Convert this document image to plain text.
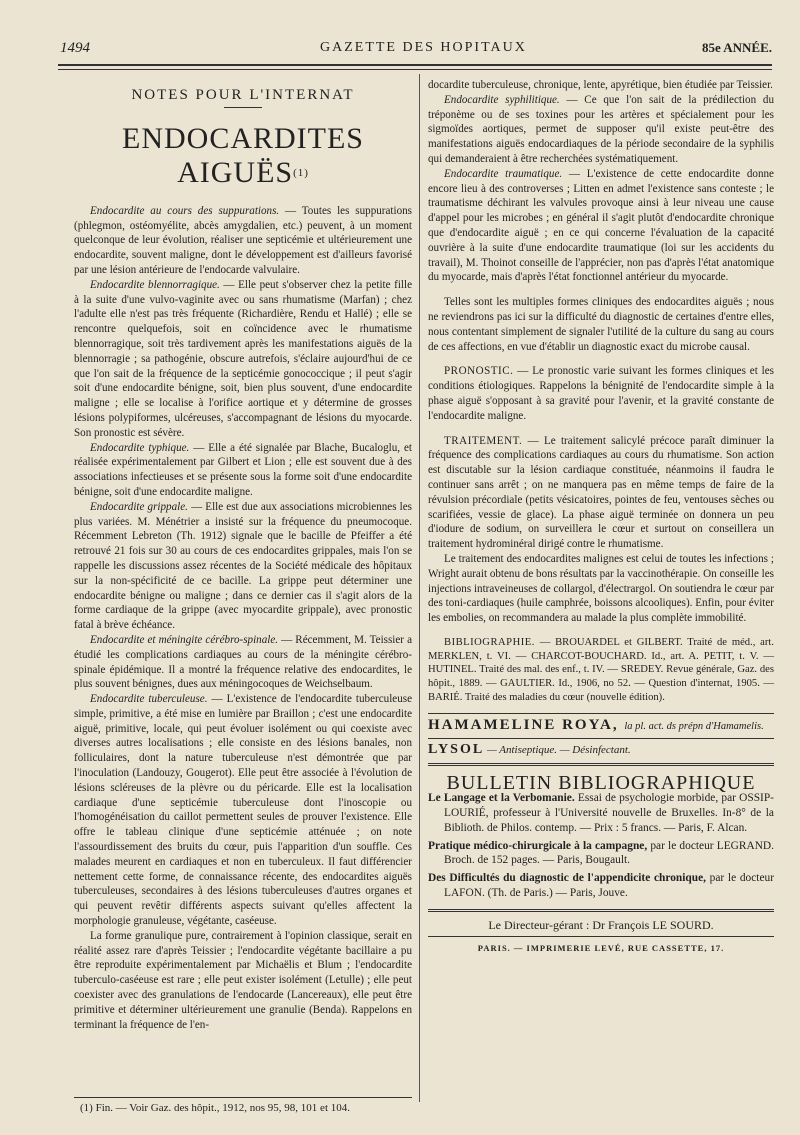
1494	GAZETTE DES HOPITAUX	85e ANNÉE.
NOTES POUR L'INTERNAT
ENDOCARDITES AIGUËS$^{(1)}$

Endocardite au cours des suppurations. — Toutes les suppurations (phlegmon, ostéomyélite, abcès amygdalien, etc.) peuvent, à un moment quelconque de leur évolution, réaliser une septicémie et ultérieurement une endocardite, souvent maligne, dont le développement est d'ailleurs favorisé par une lésion antérieure de l'endocarde valvulaire.

Endocardite blennorragique. — Elle peut s'observer chez la petite fille à la suite d'une vulvo-vaginite avec ou sans rhumatisme (Marfan) ; chez l'adulte elle n'est pas très fréquente (Richardière, Rendu et Hallé) ; elle se rencontre quelquefois, soit en coïncidence avec le rhumatisme blennorragique, soit très tardivement après les manifestations aiguës de la blennorragie ; sa pathogénie, obscure autrefois, s'éclaire aujourd'hui de ce que l'on sait de la fréquence de la septicémie gonococcique ; il peut s'agir soit d'une endocardite bénigne, soit, bien plus souvent, d'une endocardite maligne ; elle se localise à l'orifice aortique et y détermine de grosses lésions polypiformes, ulcéreuses, s'accompagnant de lésions du myocarde. Son pronostic est sévère.

Endocardite typhique. — Elle a été signalée par Blache, Bucaloglu, et réalisée expérimentalement par Gilbert et Lion ; elle est souvent due à des associations infectieuses et se présente sous la forme soit d'une endocardite bénigne, soit d'une endocardite maligne.

Endocardite grippale. — Elle est due aux associations microbiennes les plus variées. M. Ménétrier a insisté sur la fréquence du pneumocoque. Récemment Lebreton (Th. 1912) signale que le bacille de Pfeiffer a été retrouvé 21 fois sur 30 au cours de ces endocardites grippales, mais l'on se rappelle les discussions assez récentes de la Société médicale des hôpitaux sur la non-spécificité de ce bacille. La grippe peut déterminer une endocardite bénigne ou maligne ; dans ce dernier cas il s'agit alors de la forme cardiaque de la grippe (avec myocardite grippale), avec pronostic fatal à brève échéance.

Endocardite et méningite cérébro-spinale. — Récemment, M. Teissier a étudié les complications cardiaques au cours de la méningite cérébro-spinale épidémique. Il a montré la fréquence relative des endocardites, le plus souvent bénignes, dues aux méningocoques de Weichselbaum.

Endocardite tuberculeuse. — L'existence de l'endocardite tuberculeuse simple, primitive, a été mise en lumière par Braillon ; c'est une endocardite aiguë, primitive, locale, qui peut évoluer isolément ou qui coexiste avec diverses autres localisations ; elle consiste en des lésions banales, non folliculaires, dont la nature tuberculeuse n'est démontrée que par l'inoculation (Landouzy, Gougerot). Elle peut être associée à l'évolution de lésions scléreuses de la plèvre ou du péricarde. Elle est la localisation cardiaque d'une septicémie tuberculeuse dont l'inoscopie ou l'homogénéisation du caillot permettent seules de prouver l'existence. Elle offre le tableau clinique d'une septicémie atténuée ; on note l'assourdissement des bruits du cœur, puis l'apparition d'un souffle. Ces malades meurent en cardiaques et non en tuberculeux. Il faut différencier nettement cette forme, de connaissance récente, des endocardites aiguës tuberculeuses, secondaires à des lésions tuberculeuses d'autres organes et qui peuvent revêtir différents aspects suivant qu'elles affectent la morphologie granuleuse, végétante, caséeuse.

La forme granulique pure, contrairement à l'opinion classique, serait en réalité assez rare d'après Teissier ; l'endocardite végétante bacillaire a pu être reproduite expérimentalement par Michaëlis et Blum ; l'endocardite tuberculo-caséeuse est rare ; elle peut exister isolément (Letulle) ; elle peut coexister avec des granulations de l'endocarde (Lancereaux), elle peut être primitive et déterminer ultérieurement une granulie (Benda). Rappelons en terminant la fréquence de l'en-

(1) Fin. — Voir Gaz. des hôpit., 1912, nos 95, 98, 101 et 104.

docardite tuberculeuse, chronique, lente, apyrétique, bien étudiée par Teissier.

Endocardite syphilitique. — Ce que l'on sait de la prédilection du tréponème ou de ses toxines pour les artères et spécialement pour les sigmoïdes aortiques, permet de supposer qu'il existe peut-être des manifestations aiguës endocardiaques de la période secondaire de la syphilis qui demanderaient à être recherchées systématiquement.

Endocardite traumatique. — L'existence de cette endocardite donne encore lieu à des controverses ; Litten en admet l'existence sans conteste ; le traumatisme déchirant les valvules provoque ainsi à leur niveau une cause d'appel pour les microbes ; en général il s'agit plutôt d'endocardite chronique que d'endocardite aiguë ; en ce qui concerne l'évaluation de la capacité ouvrière à la suite d'une endocardite traumatique (loi sur les accidents du travail), M. Thoinot conseille de l'apprécier, non pas d'après l'état anatomique du myocarde, mais d'après l'état fonctionnel antérieur du myocarde.

Telles sont les multiples formes cliniques des endocardites aiguës ; nous ne reviendrons pas ici sur la difficulté du diagnostic de certaines d'entre elles, nous contentant simplement de signaler l'utilité de la culture du sang au cours de ces affections, en vue d'établir un diagnostic exact du microbe causal.

PRONOSTIC. — Le pronostic varie suivant les formes cliniques et les conditions étiologiques. Rappelons la bénignité de l'endocardite simple à la phase aiguë s'opposant à sa gravité pour l'avenir, et la gravité constante de l'endocardite maligne.

TRAITEMENT. — Le traitement salicylé précoce paraît diminuer la fréquence des complications cardiaques au cours du rhumatisme. Son action est discutable sur la lésion cardiaque constituée, néanmoins il faudra le continuer sans arrêt ; on ne manquera pas en même temps de faire de la révulsion précordiale (petits vésicatoires, pointes de feu, ventouses sèches ou scarifiées, vessie de glace). La phase aiguë terminée on donnera un peu d'iodure de sodium, on surveillera le cœur et surtout on conseillera un traitement hydrominéral dirigé contre le rhumatisme.

Le traitement des endocardites malignes est celui de toutes les infections ; Wright aurait obtenu de bons résultats par la vaccinothérapie. On conseille les injections intraveineuses de collargol, d'électrargol. On soutiendra le cœur par des toni-cardiaques (huile camphrée, boissons alcooliques). Enfin, pour éviter les embolies, on recommandera au malade la plus complète immobilité.

BIBLIOGRAPHIE. — BROUARDEL et GILBERT. Traité de méd., art. MERKLEN, t. VI. — CHARCOT-BOUCHARD. Id., art. A. PETIT, t. V. — HUTINEL. Traité des mal. des enf., t. IV. — SREDEY. Revue générale, Gaz. des hôpit., 1889. — GAULTIER. Id., 1906, no 52. — Question d'internat, 1905. — BARIÉ. Traité des maladies du cœur (nouvelle édition).

HAMAMELINE ROYA, la pl. act. ds prépn d'Hamamelis.

LYSOL — Antiseptique. — Désinfectant.

BULLETIN BIBLIOGRAPHIQUE

Le Langage et la Verbomanie. Essai de psychologie morbide, par OSSIP-LOURIÉ, professeur à l'Université nouvelle de Bruxelles. In-8° de la Biblioth. de Philos. contemp. — Prix : 5 francs. — Paris, F. Alcan.

Pratique médico-chirurgicale à la campagne, par le docteur LEGRAND. Broch. de 152 pages. — Paris, Bougault.

Des Difficultés du diagnostic de l'appendicite chronique, par le docteur LAFON. (Th. de Paris.) — Paris, Jouve.

Le Directeur-gérant : Dr François LE SOURD.

PARIS. — IMPRIMERIE LEVÉ, RUE CASSETTE, 17.
